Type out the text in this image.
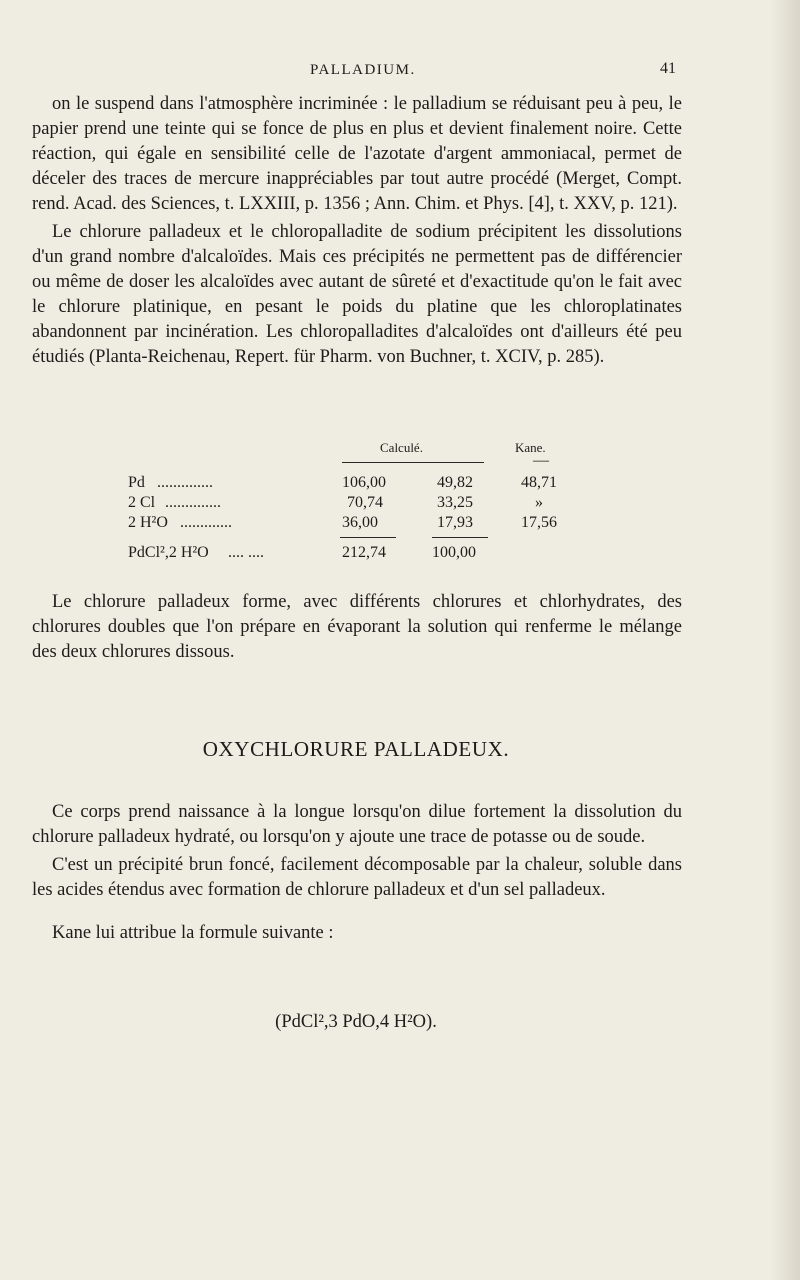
PALLADIUM.	41

on le suspend dans l'atmosphère incriminée : le palladium se réduisant peu à peu, le papier prend une teinte qui se fonce de plus en plus et devient finalement noire. Cette réaction, qui égale en sensibilité celle de l'azotate d'argent ammoniacal, permet de déceler des traces de mercure inappréciables par tout autre procédé (Merget, Compt. rend. Acad. des Sciences, t. LXXIII, p. 1356 ; Ann. Chim. et Phys. [4], t. XXV, p. 121).

Le chlorure palladeux et le chloropalladite de sodium précipitent les dissolutions d'un grand nombre d'alcaloïdes. Mais ces précipités ne permettent pas de différencier ou même de doser les alcaloïdes avec autant de sûreté et d'exactitude qu'on le fait avec le chlorure platinique, en pesant le poids du platine que les chloroplatinates abandonnent par incinération. Les chloropalladites d'alcaloïdes ont d'ailleurs été peu étudiés (Planta-Reichenau, Repert. für Pharm. von Buchner, t. XCIV, p. 285).

Calculé.	Kane.
—
Pd ..............	106,00	49,82	48,71
2 Cl ..............	70,74	33,25	»
2 H²O .............	36,00	17,93	17,56
PdCl²,2 H²O .... ....	212,74	100,00

Le chlorure palladeux forme, avec différents chlorures et chlorhydrates, des chlorures doubles que l'on prépare en évaporant la solution qui renferme le mélange des deux chlorures dissous.

OXYCHLORURE PALLADEUX.

Ce corps prend naissance à la longue lorsqu'on dilue fortement la dissolution du chlorure palladeux hydraté, ou lorsqu'on y ajoute une trace de potasse ou de soude.

C'est un précipité brun foncé, facilement décomposable par la chaleur, soluble dans les acides étendus avec formation de chlorure palladeux et d'un sel palladeux.

Kane lui attribue la formule suivante :

(PdCl²,3 PdO,4 H²O).
